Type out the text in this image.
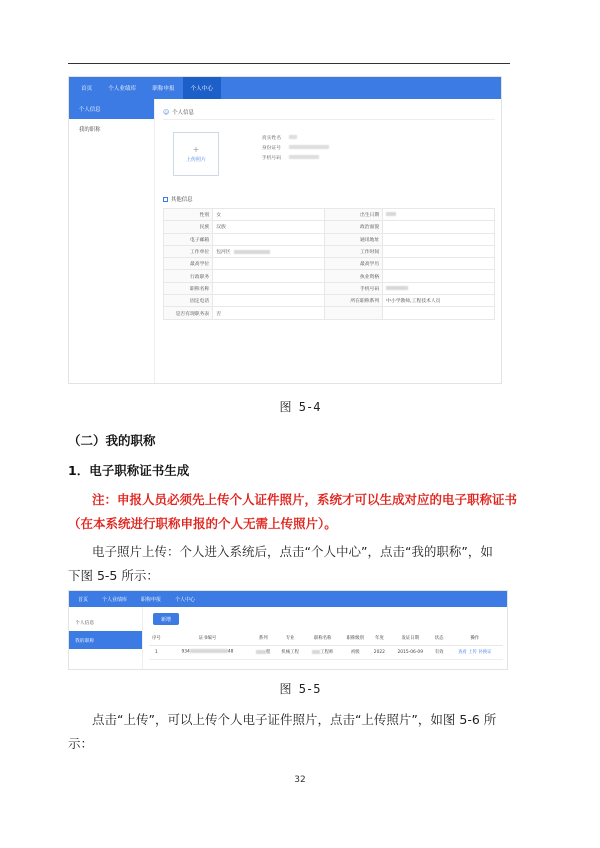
首页	个人业绩库	职称申报	个人中心
个人信息
我的职称
☺ 个人信息
+
上传照片
真实姓名
身份证号
手机号码
其他信息
性别	女	出生日期	
民族	汉族	政治面貌	
电子邮箱		通讯地址	
工作单位	包河区	工作时间	
最高学位		最高学历	
行政职务		执业资格	
职称名称		手机号码	
固定电话		所在职称系列	中小学教师,工程技术人员
是否有现职务表	否		
图 5-4
（二）我的职称
1．电子职称证书生成
注：申报人员必须先上传个人证件照片，系统才可以生成对应的电子职称证书
（在本系统进行职称申报的个人无需上传照片）。
电子照片上传：个人进入系统后，点击“个人中心”，点击“我的职称”，如
下图 5-5 所示：
首页	个人业绩库	职称申报	个人中心
个人信息
我的职称
新增
序号	证书编号	系列	专业	职称名称	职称级别	年度	发证日期	状态	操作
1	934 48	程	机械工程	工程师	初级	2022	2015-06-09	有效	查看 上传 补换证
图 5-5
点击“上传”，可以上传个人电子证件照片，点击“上传照片”，如图 5-6 所
示：
32
